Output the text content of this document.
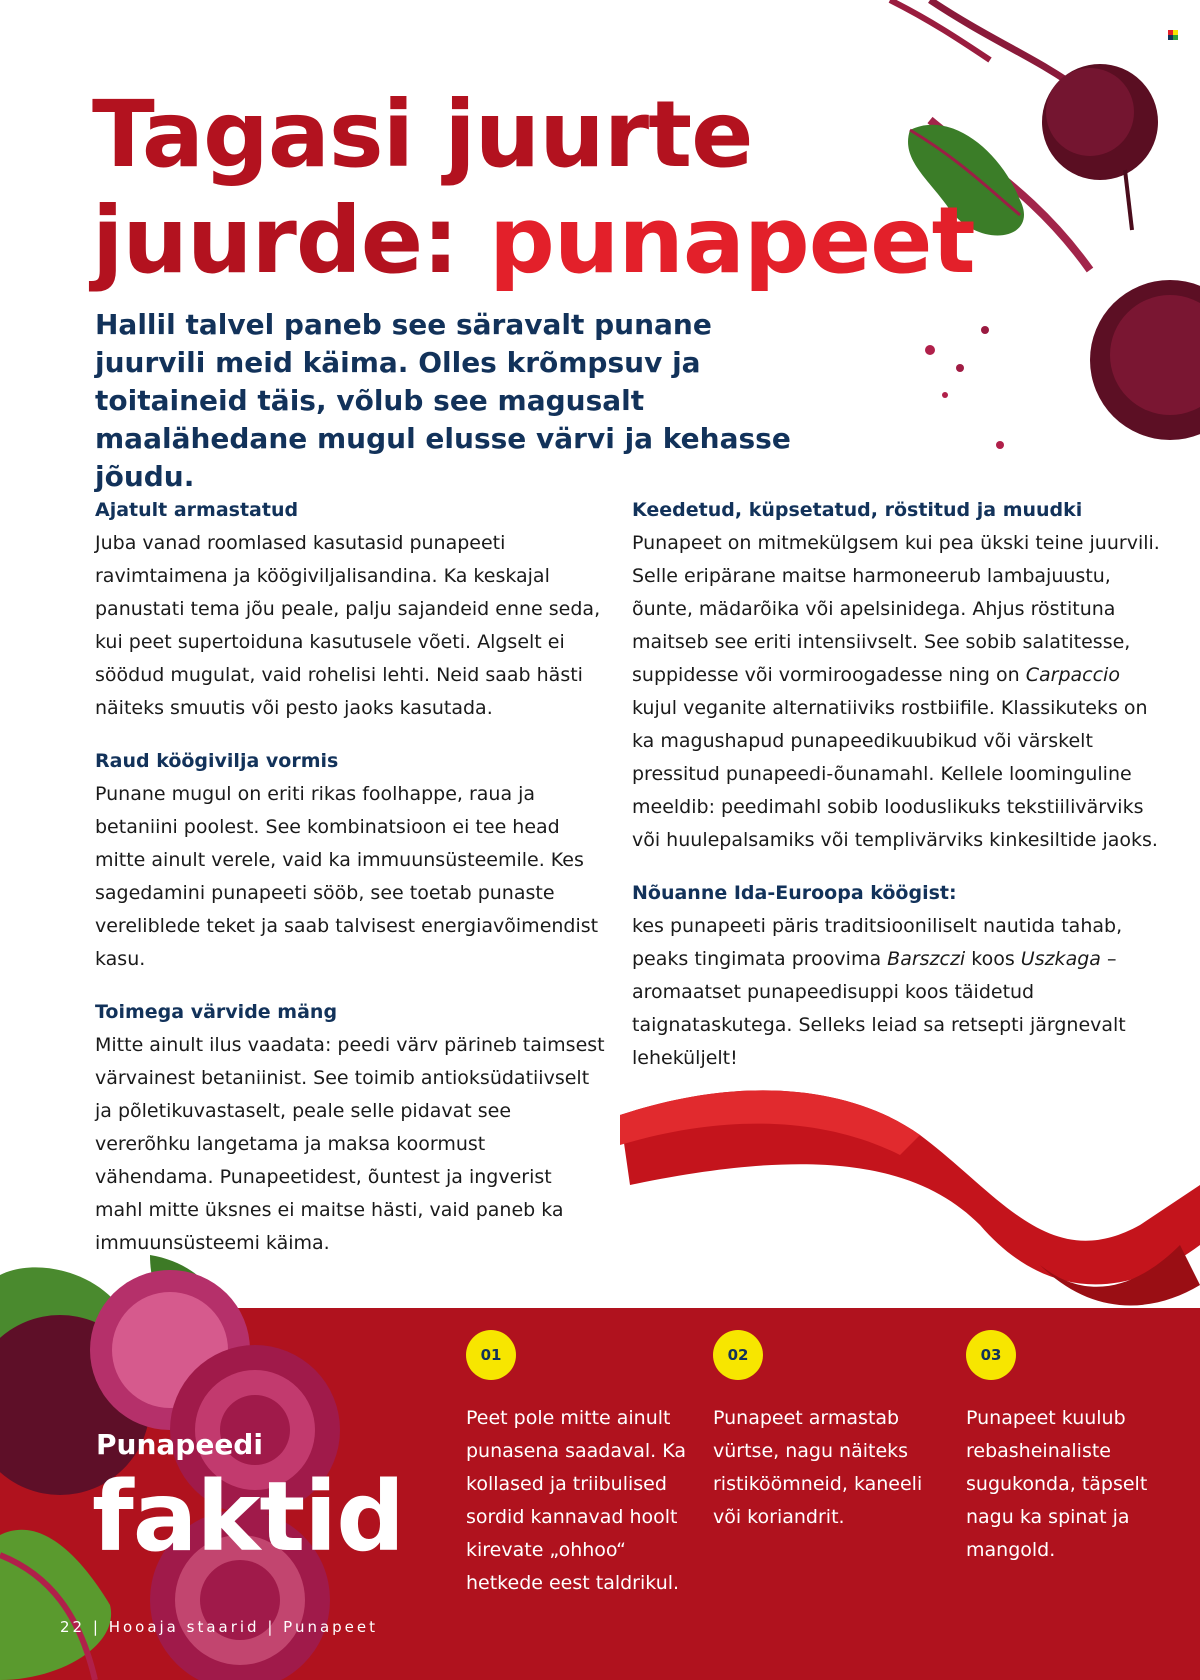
Tagasi juurte
juurde: punapeet

Hallil talvel paneb see säravalt punane juurvili meid käima. Olles krõmpsuv ja toitaineid täis, võlub see magusalt maalähedane mugul elusse värvi ja kehasse jõudu.

Ajatult armastatud

Juba vanad roomlased kasutasid punapeeti ravimtaimena ja köögiviljalisandina. Ka keskajal panustati tema jõu peale, palju sajandeid enne seda, kui peet supertoiduna kasutusele võeti. Algselt ei söödud mugulat, vaid rohelisi lehti. Neid saab hästi näiteks smuutis või pesto jaoks kasutada.

Raud köögivilja vormis

Punane mugul on eriti rikas foolhappe, raua ja betaniini poolest. See kombinatsioon ei tee head mitte ainult verele, vaid ka immuunsüsteemile. Kes sagedamini punapeeti sööb, see toetab punaste vereliblede teket ja saab talvisest energiavõimendist kasu.

Toimega värvide mäng

Mitte ainult ilus vaadata: peedi värv pärineb taimsest värvainest betaniinist. See toimib antioksüdatiivselt ja põletikuvastaselt, peale selle pidavat see vererõhku langetama ja maksa koormust vähendama. Punapeetidest, õuntest ja ingverist mahl mitte üksnes ei maitse hästi, vaid paneb ka immuunsüsteemi käima.

Keedetud, küpsetatud, röstitud ja muudki

Punapeet on mitmekülgsem kui pea ükski teine juurvili. Selle eripärane maitse harmoneerub lambajuustu, õunte, mädarõika või apelsinidega. Ahjus röstituna maitseb see eriti intensiivselt. See sobib salatitesse, suppidesse või vormiroogadesse ning on Carpaccio kujul veganite alternatiiviks rostbiifile. Klassikuteks on ka magushapud punapeedikuubikud või värskelt pressitud punapeedi-õunamahl. Kellele loominguline meeldib: peedimahl sobib looduslikuks tekstiilivärviks või huulepalsamiks või templivärviks kinkesiltide jaoks.

Nõuanne Ida-Euroopa köögist:

kes punapeeti päris traditsiooniliselt nautida tahab, peaks tingimata proovima Barszczi koos Uszkaga – aromaatset punapeedisuppi koos täidetud taignataskutega. Selleks leiad sa retsepti järgnevalt leheküljelt!

Punapeedi
faktid
01

Peet pole mitte ainult punasena saadaval. Ka kollased ja triibulised sordid kannavad hoolt kirevate „ohhoo“ hetkede eest taldrikul.

02

Punapeet armastab vürtse, nagu näiteks ristiköömneid, kaneeli või koriandrit.

03

Punapeet kuulub rebasheinaliste sugukonda, täpselt nagu ka spinat ja mangold.

22 | Hooaja staarid | Punapeet
